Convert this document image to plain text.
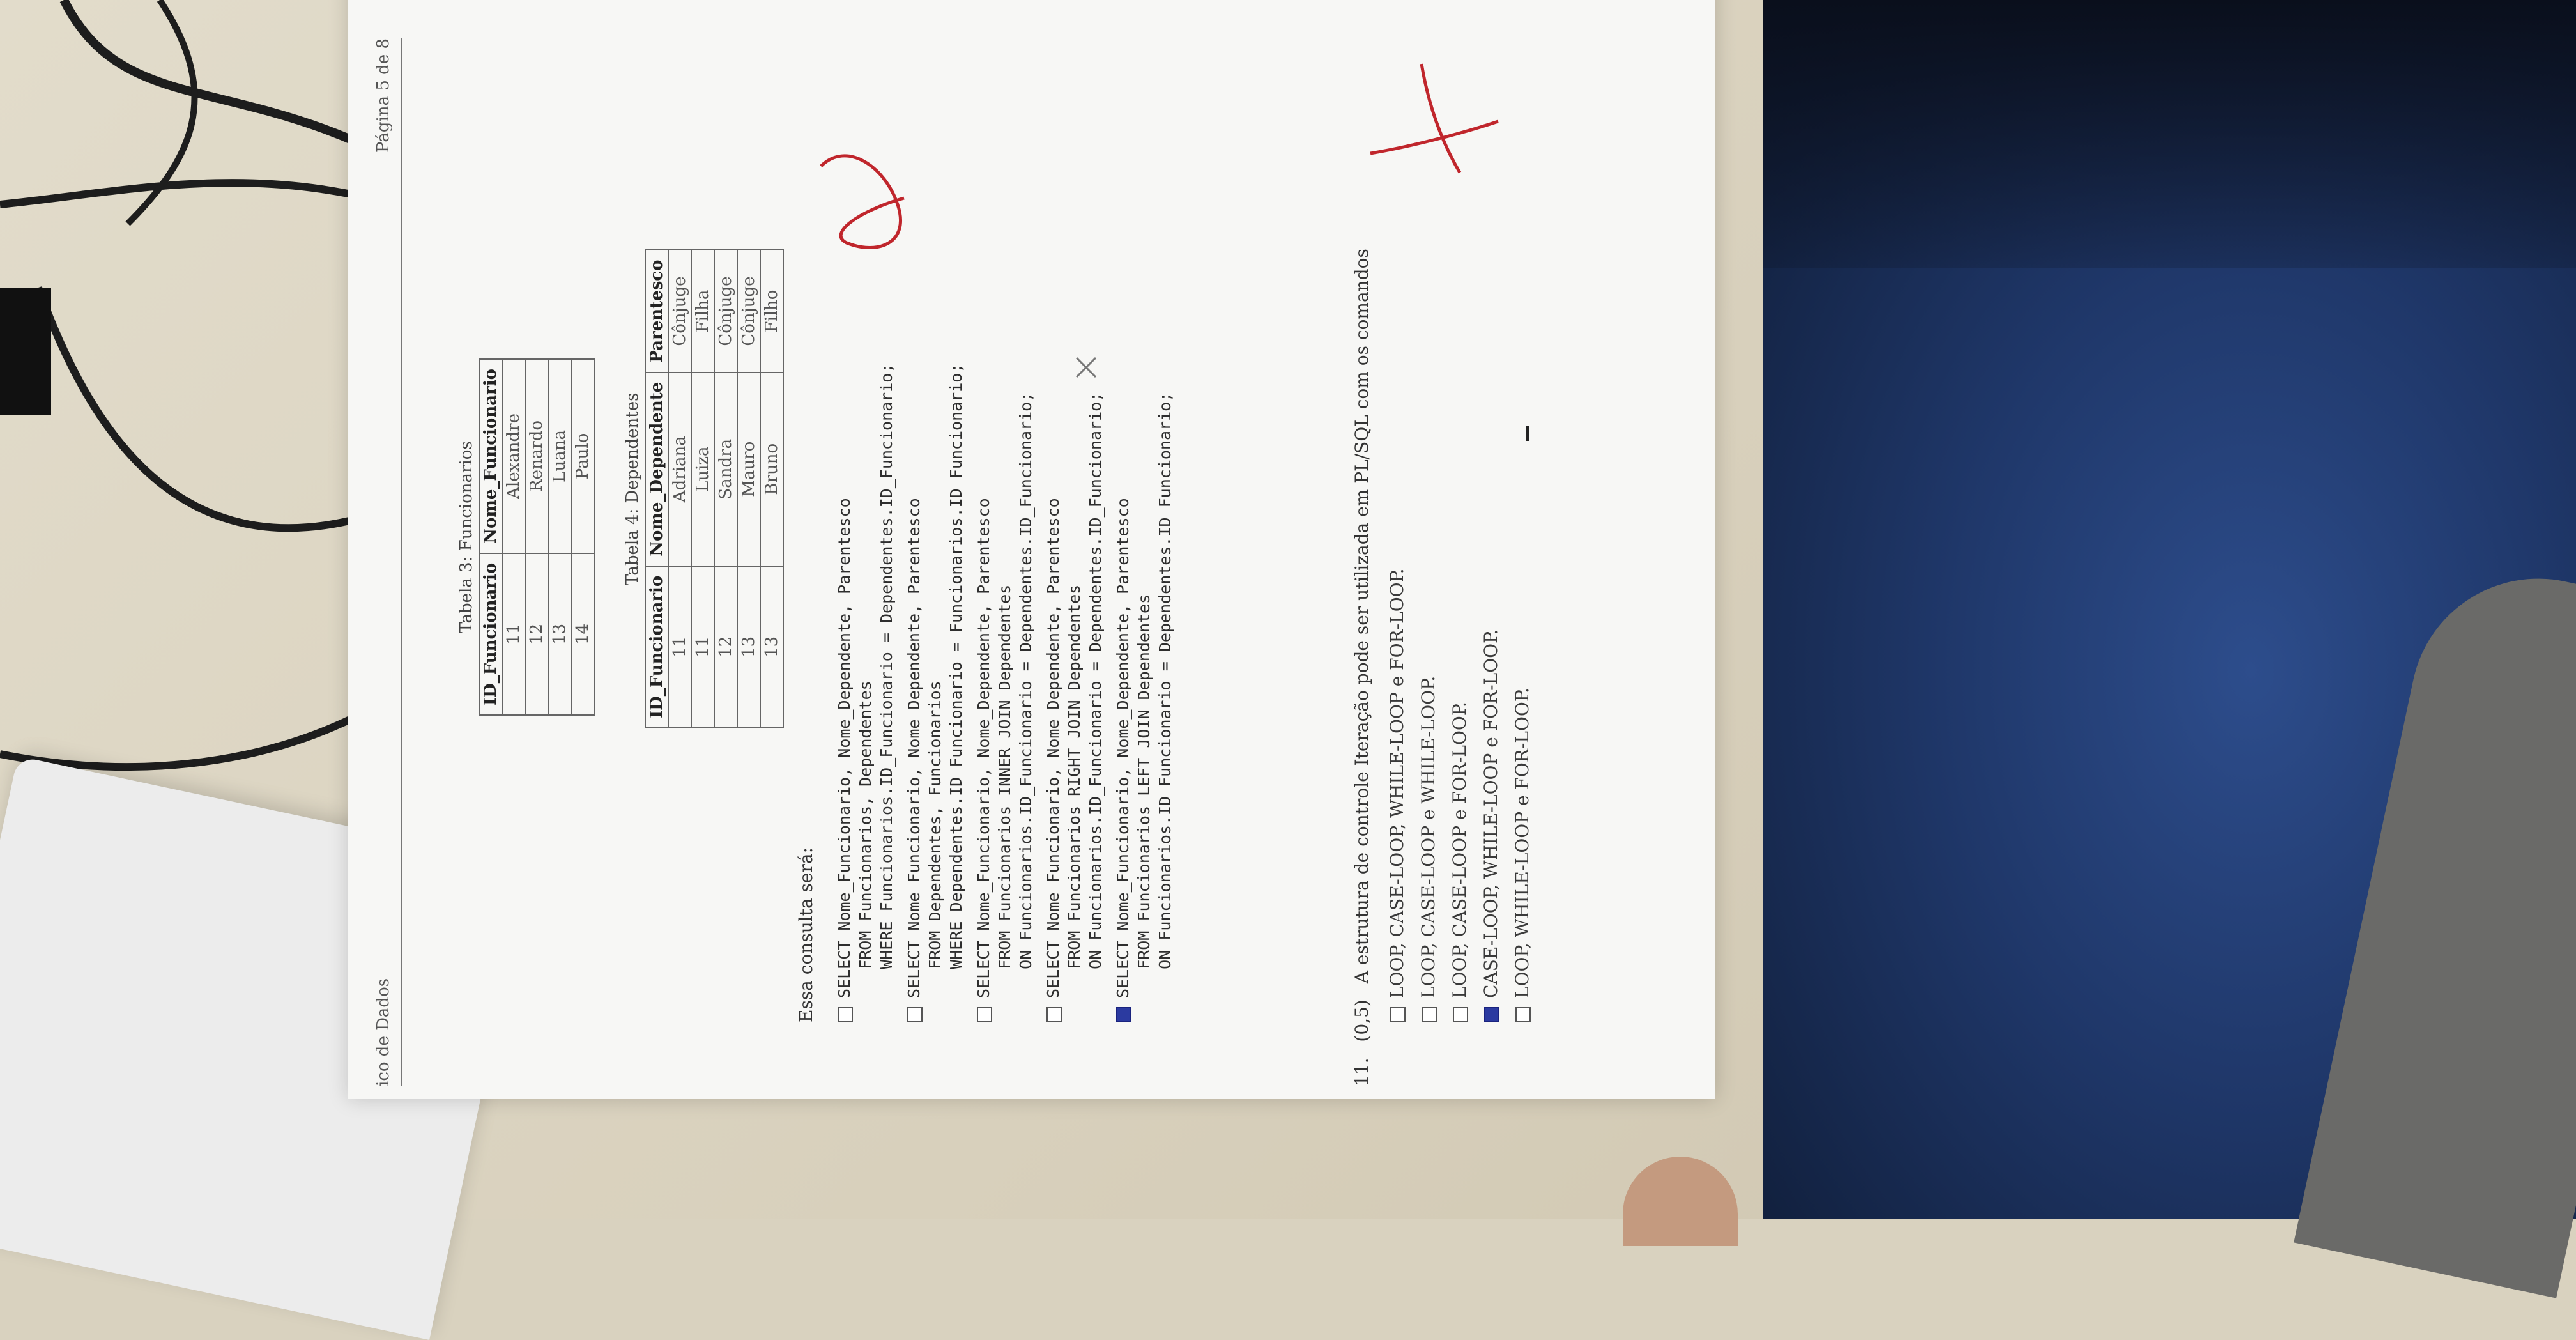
ico de Dados
Página 5 de 8
Tabela 3: Funcionarios
ID_Funcionario	Nome_Funcionario
11	Alexandre
12	Renardo
13	Luana
14	Paulo Tabela 4: Dependentes
ID_Funcionario	Nome_Dependente	Parentesco
11	Adriana	Cônjuge
11	Luiza	Filha
12	Sandra	Cônjuge
13	Mauro	Cônjuge
13	Bruno	Filho
Essa consulta será: SELECT Nome_Funcionario, Nome_Dependente, Parentesco
FROM Funcionarios, Dependentes
WHERE Funcionarios.ID_Funcionario = Dependentes.ID_Funcionario;
SELECT Nome_Funcionario, Nome_Dependente, Parentesco
FROM Dependentes, Funcionarios
WHERE Dependentes.ID_Funcionario = Funcionarios.ID_Funcionario;
SELECT Nome_Funcionario, Nome_Dependente, Parentesco
FROM Funcionarios INNER JOIN Dependentes
ON Funcionarios.ID_Funcionario = Dependentes.ID_Funcionario;
SELECT Nome_Funcionario, Nome_Dependente, Parentesco
FROM Funcionarios RIGHT JOIN Dependentes
ON Funcionarios.ID_Funcionario = Dependentes.ID_Funcionario;
SELECT Nome_Funcionario, Nome_Dependente, Parentesco
FROM Funcionarios LEFT JOIN Dependentes
ON Funcionarios.ID_Funcionario = Dependentes.ID_Funcionario;
11. (0,5) A estrutura de controle Iteração pode ser utilizada em PL/SQL com os comandos LOOP, CASE-LOOP, WHILE-LOOP e FOR-LOOP. LOOP, CASE-LOOP e WHILE-LOOP. LOOP, CASE-LOOP e FOR-LOOP. CASE-LOOP, WHILE-LOOP e FOR-LOOP. LOOP, WHILE-LOOP e FOR-LOOP.
